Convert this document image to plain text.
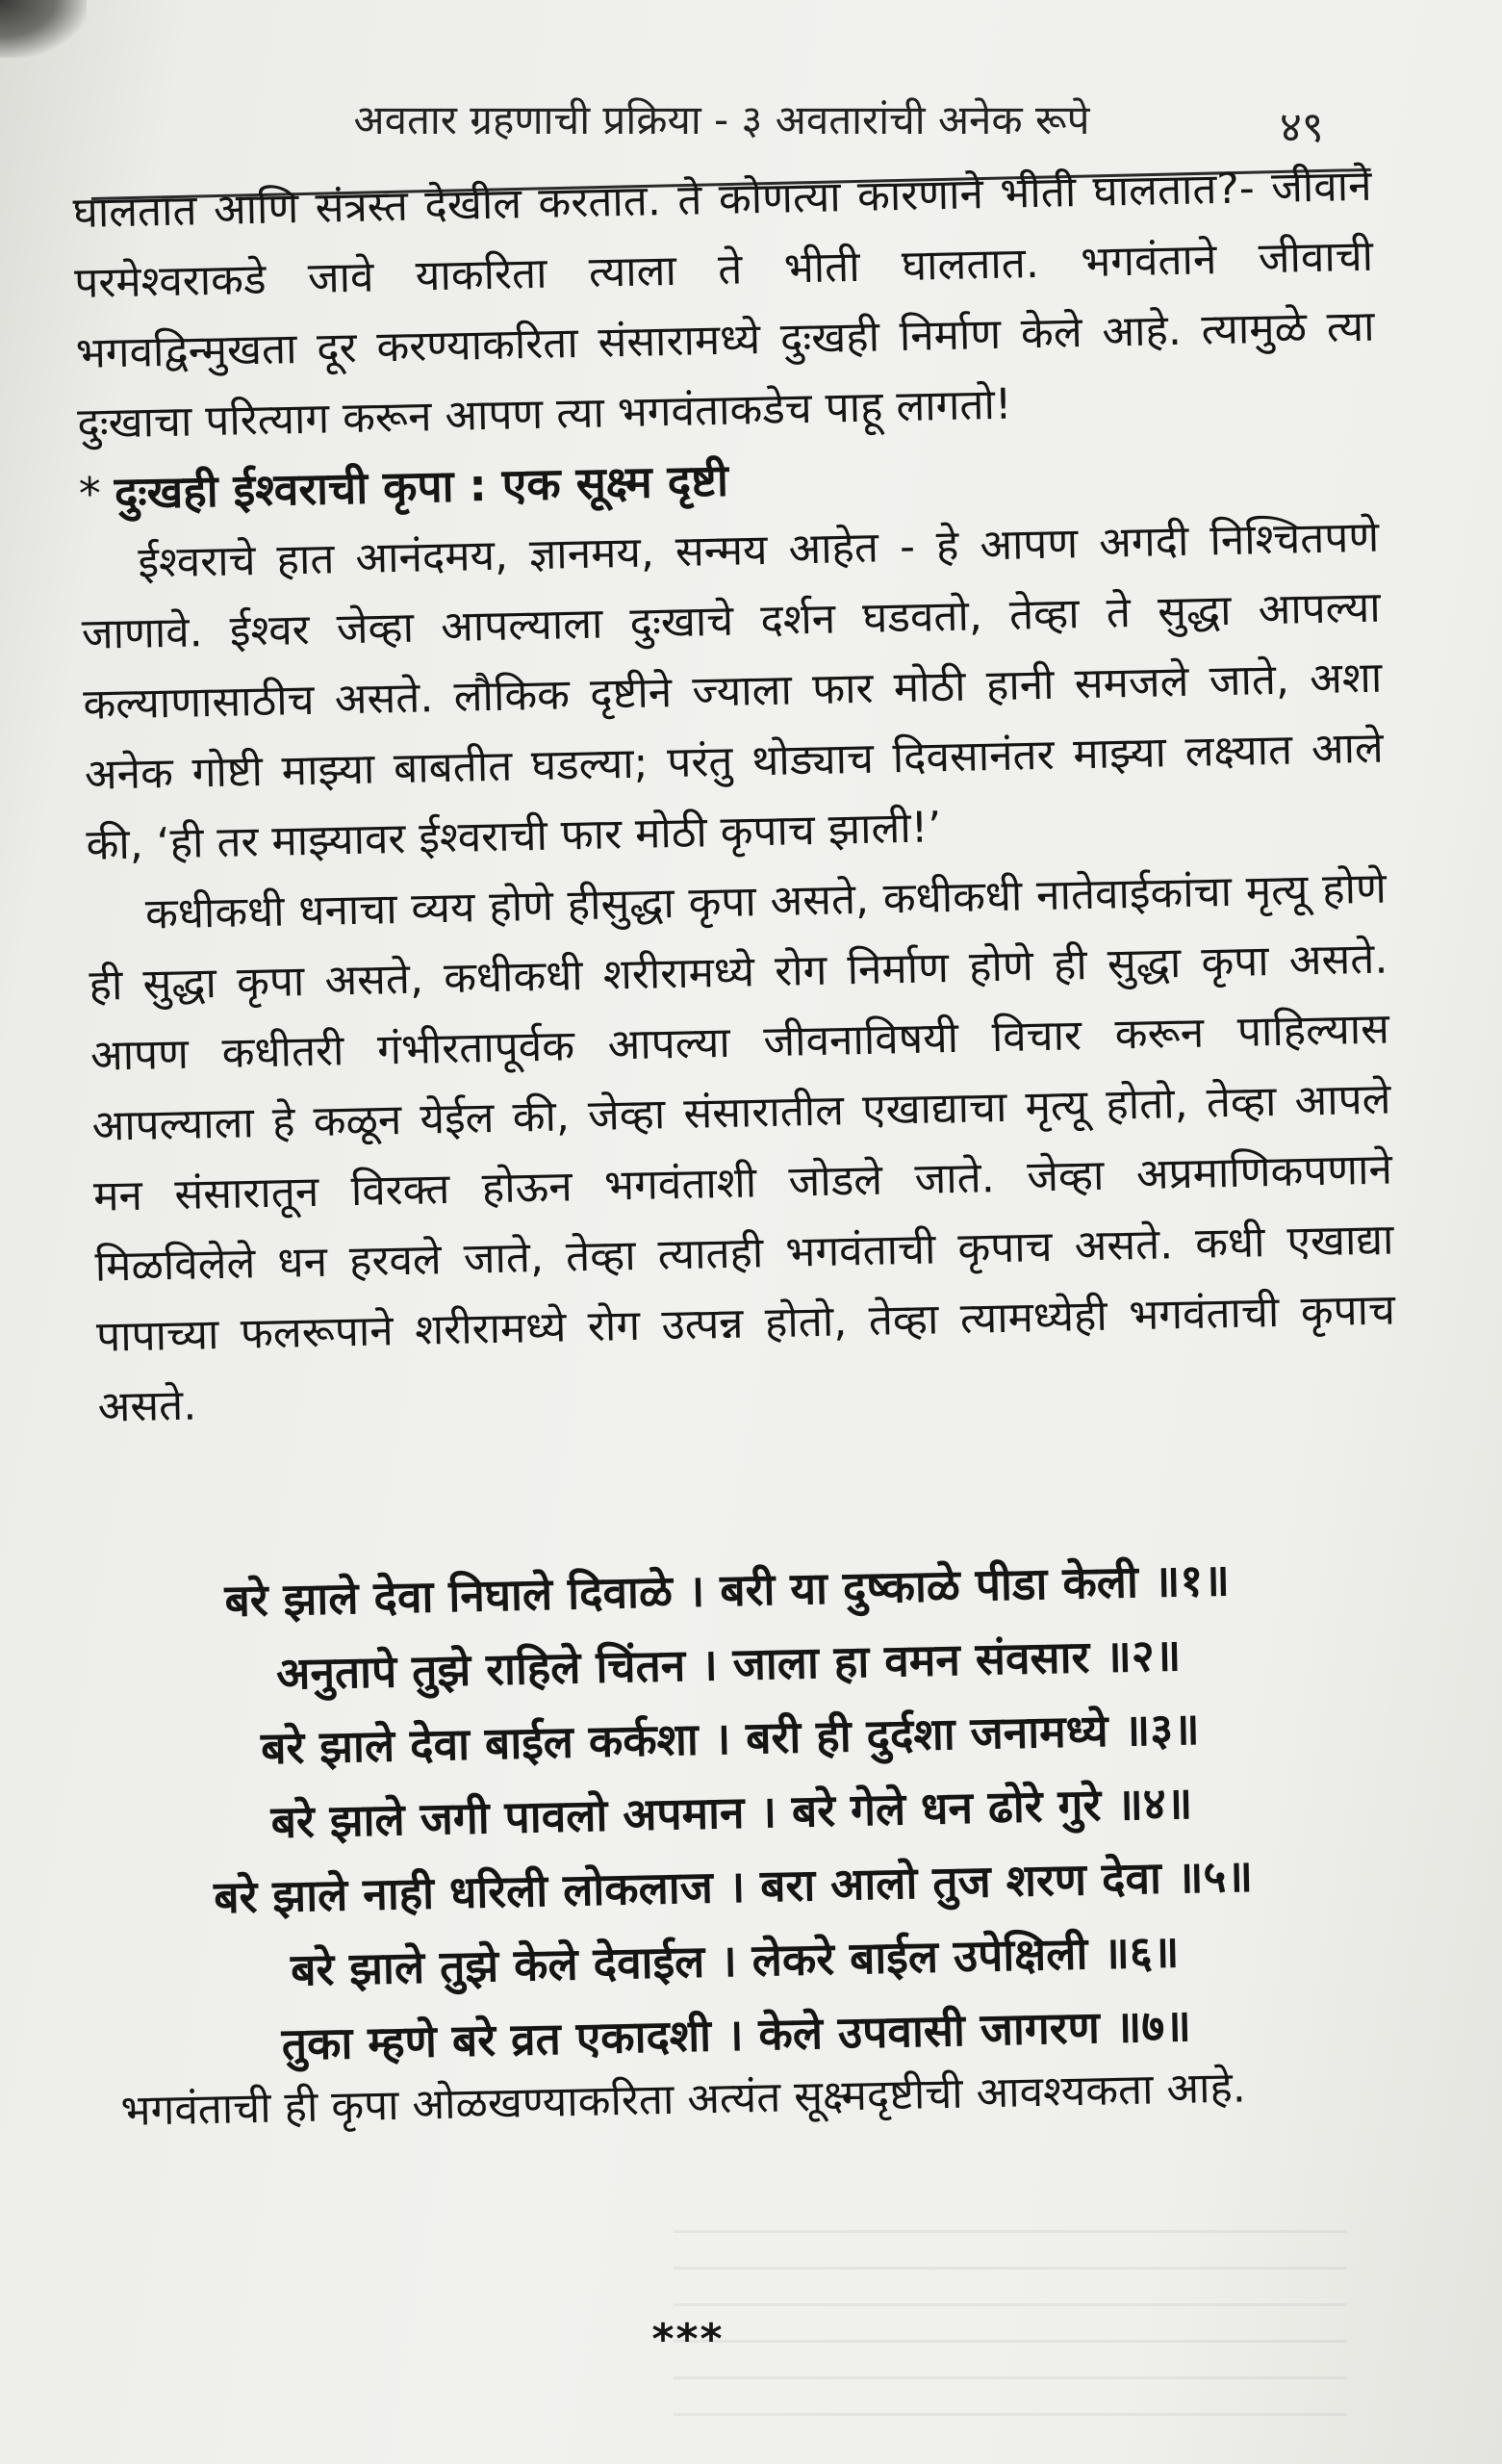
अवतार ग्रहणाची प्रक्रिया - ३ अवतारांची अनेक रूपे	४९

घालतात आणि संत्रस्त देखील करतात. ते कोणत्या कारणाने भीती घालतात?- जीवाने परमेश्वराकडे जावे याकरिता त्याला ते भीती घालतात. भगवंताने जीवाची भगवद्विन्मुखता दूर करण्याकरिता संसारामध्ये दुःखही निर्माण केले आहे. त्यामुळे त्या दुःखाचा परित्याग करून आपण त्या भगवंताकडेच पाहू लागतो!

* दुःखही ईश्वराची कृपा : एक सूक्ष्म दृष्टी

ईश्वराचे हात आनंदमय, ज्ञानमय, सन्मय आहेत - हे आपण अगदी निश्चितपणे जाणावे. ईश्वर जेव्हा आपल्याला दुःखाचे दर्शन घडवतो, तेव्हा ते सुद्धा आपल्या कल्याणासाठीच असते. लौकिक दृष्टीने ज्याला फार मोठी हानी समजले जाते, अशा अनेक गोष्टी माझ्या बाबतीत घडल्या; परंतु थोड्याच दिवसानंतर माझ्या लक्ष्यात आले की, ‘ही तर माझ्यावर ईश्वराची फार मोठी कृपाच झाली!’

कधीकधी धनाचा व्यय होणे हीसुद्धा कृपा असते, कधीकधी नातेवाईकांचा मृत्यू होणे ही सुद्धा कृपा असते, कधीकधी शरीरामध्ये रोग निर्माण होणे ही सुद्धा कृपा असते. आपण कधीतरी गंभीरतापूर्वक आपल्या जीवनाविषयी विचार करून पाहिल्यास आपल्याला हे कळून येईल की, जेव्हा संसारातील एखाद्याचा मृत्यू होतो, तेव्हा आपले मन संसारातून विरक्त होऊन भगवंताशी जोडले जाते. जेव्हा अप्रमाणिकपणाने मिळविलेले धन हरवले जाते, तेव्हा त्यातही भगवंताची कृपाच असते. कधी एखाद्या पापाच्या फलरूपाने शरीरामध्ये रोग उत्पन्न होतो, तेव्हा त्यामध्येही भगवंताची कृपाच असते.

बरे झाले देवा निघाले दिवाळे । बरी या दुष्काळे पीडा केली ॥१॥
अनुतापे तुझे राहिले चिंतन । जाला हा वमन संवसार ॥२॥
बरे झाले देवा बाईल कर्कशा । बरी ही दुर्दशा जनामध्ये ॥३॥
बरे झाले जगी पावलो अपमान । बरे गेले धन ढोरे गुरे ॥४॥
बरे झाले नाही धरिली लोकलाज । बरा आलो तुज शरण देवा ॥५॥
बरे झाले तुझे केले देवाईल । लेकरे बाईल उपेक्षिली ॥६॥
तुका म्हणे बरे व्रत एकादशी । केले उपवासी जागरण ॥७॥

भगवंताची ही कृपा ओळखण्याकरिता अत्यंत सूक्ष्मदृष्टीची आवश्यकता आहे.

***
